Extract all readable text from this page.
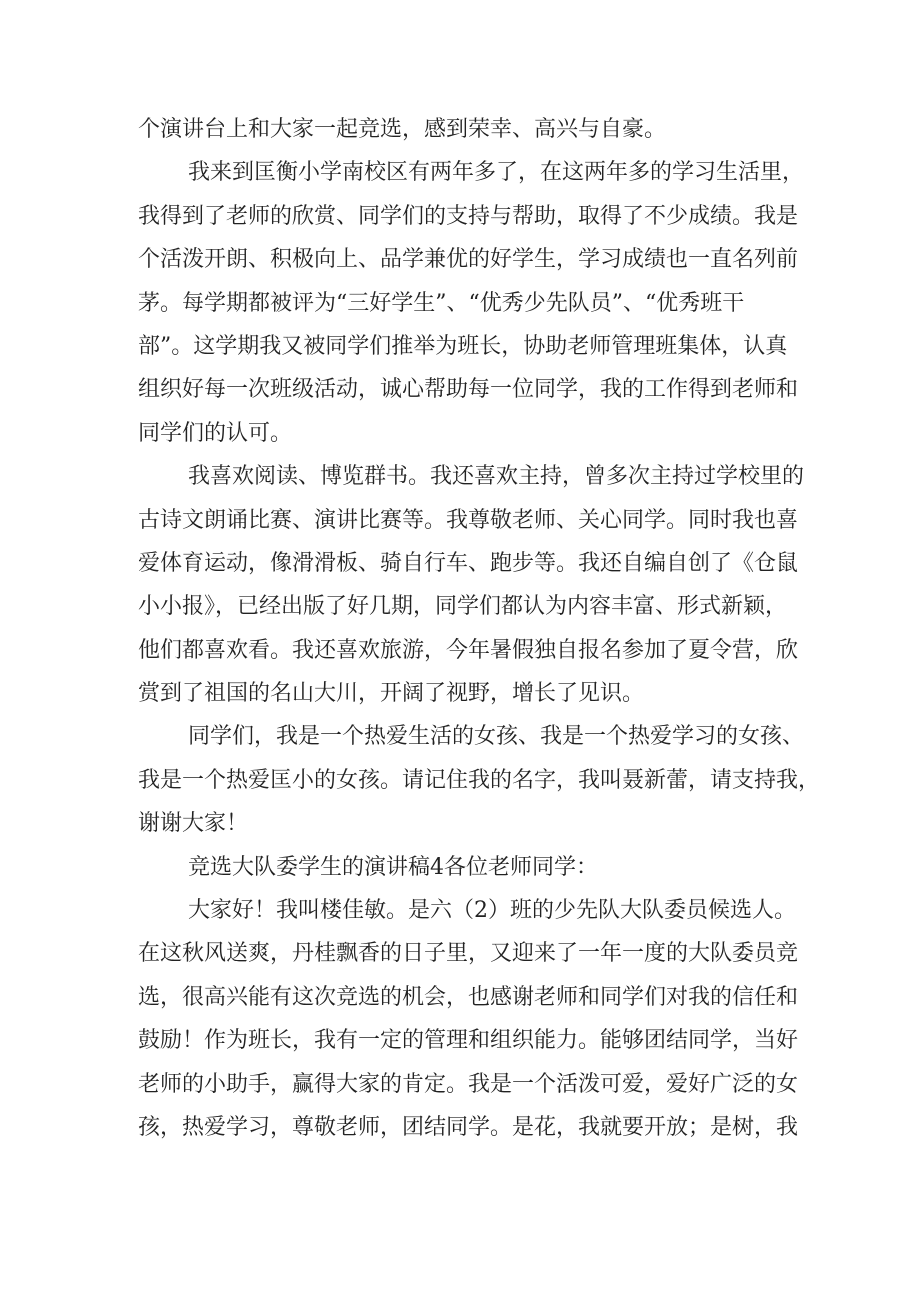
个演讲台上和大家一起竞选，感到荣幸、高兴与自豪。
我来到匡衡小学南校区有两年多了，在这两年多的学习生活里，
我得到了老师的欣赏、同学们的支持与帮助，取得了不少成绩。我是
个活泼开朗、积极向上、品学兼优的好学生，学习成绩也一直名列前
茅。每学期都被评为“三好学生”、“优秀少先队员”、“优秀班干
部”。这学期我又被同学们推举为班长，协助老师管理班集体，认真
组织好每一次班级活动，诚心帮助每一位同学，我的工作得到老师和
同学们的认可。
我喜欢阅读、博览群书。我还喜欢主持，曾多次主持过学校里的
古诗文朗诵比赛、演讲比赛等。我尊敬老师、关心同学。同时我也喜
爱体育运动，像滑滑板、骑自行车、跑步等。我还自编自创了《仓鼠
小小报》，已经出版了好几期，同学们都认为内容丰富、形式新颖，
他们都喜欢看。我还喜欢旅游，今年暑假独自报名参加了夏令营，欣
赏到了祖国的名山大川，开阔了视野，增长了见识。
同学们，我是一个热爱生活的女孩、我是一个热爱学习的女孩、
我是一个热爱匡小的女孩。请记住我的名字，我叫聂新蕾，请支持我，
谢谢大家！
竞选大队委学生的演讲稿4各位老师同学：
大家好！我叫楼佳敏。是六（2）班的少先队大队委员候选人。
在这秋风送爽，丹桂飘香的日子里，又迎来了一年一度的大队委员竞
选，很高兴能有这次竞选的机会，也感谢老师和同学们对我的信任和
鼓励！作为班长，我有一定的管理和组织能力。能够团结同学，当好
老师的小助手，赢得大家的肯定。我是一个活泼可爱，爱好广泛的女
孩，热爱学习，尊敬老师，团结同学。是花，我就要开放；是树，我
